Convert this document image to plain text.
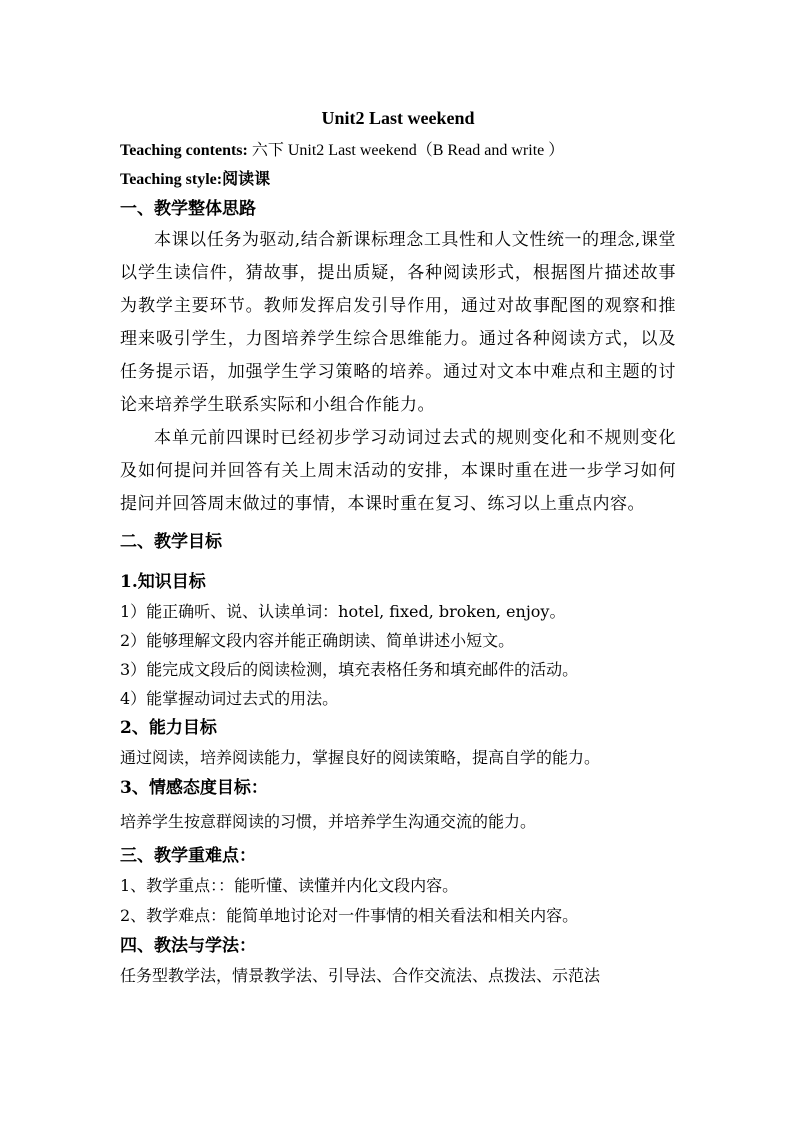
Unit2 Last weekend

Teaching contents: 六下 Unit2 Last weekend（B Read and write ）

Teaching style:阅读课

一、教学整体思路

本课以任务为驱动,结合新课标理念工具性和人文性统一的理念,课堂以学生读信件，猜故事，提出质疑，各种阅读形式，根据图片描述故事为教学主要环节。教师发挥启发引导作用，通过对故事配图的观察和推理来吸引学生，力图培养学生综合思维能力。通过各种阅读方式，以及任务提示语，加强学生学习策略的培养。通过对文本中难点和主题的讨论来培养学生联系实际和小组合作能力。

本单元前四课时已经初步学习动词过去式的规则变化和不规则变化及如何提问并回答有关上周末活动的安排，本课时重在进一步学习如何提问并回答周末做过的事情，本课时重在复习、练习以上重点内容。

二、教学目标

1.知识目标

1）能正确听、说、认读单词：hotel, fixed, broken, enjoy。

2）能够理解文段内容并能正确朗读、简单讲述小短文。

3）能完成文段后的阅读检测，填充表格任务和填充邮件的活动。

4）能掌握动词过去式的用法。

2、能力目标

通过阅读，培养阅读能力，掌握良好的阅读策略，提高自学的能力。

3、情感态度目标：

培养学生按意群阅读的习惯，并培养学生沟通交流的能力。

三、教学重难点：

1、教学重点：：能听懂、读懂并内化文段内容。

2、教学难点：能简单地讨论对一件事情的相关看法和相关内容。

四、教法与学法：

任务型教学法，情景教学法、引导法、合作交流法、点拨法、示范法
